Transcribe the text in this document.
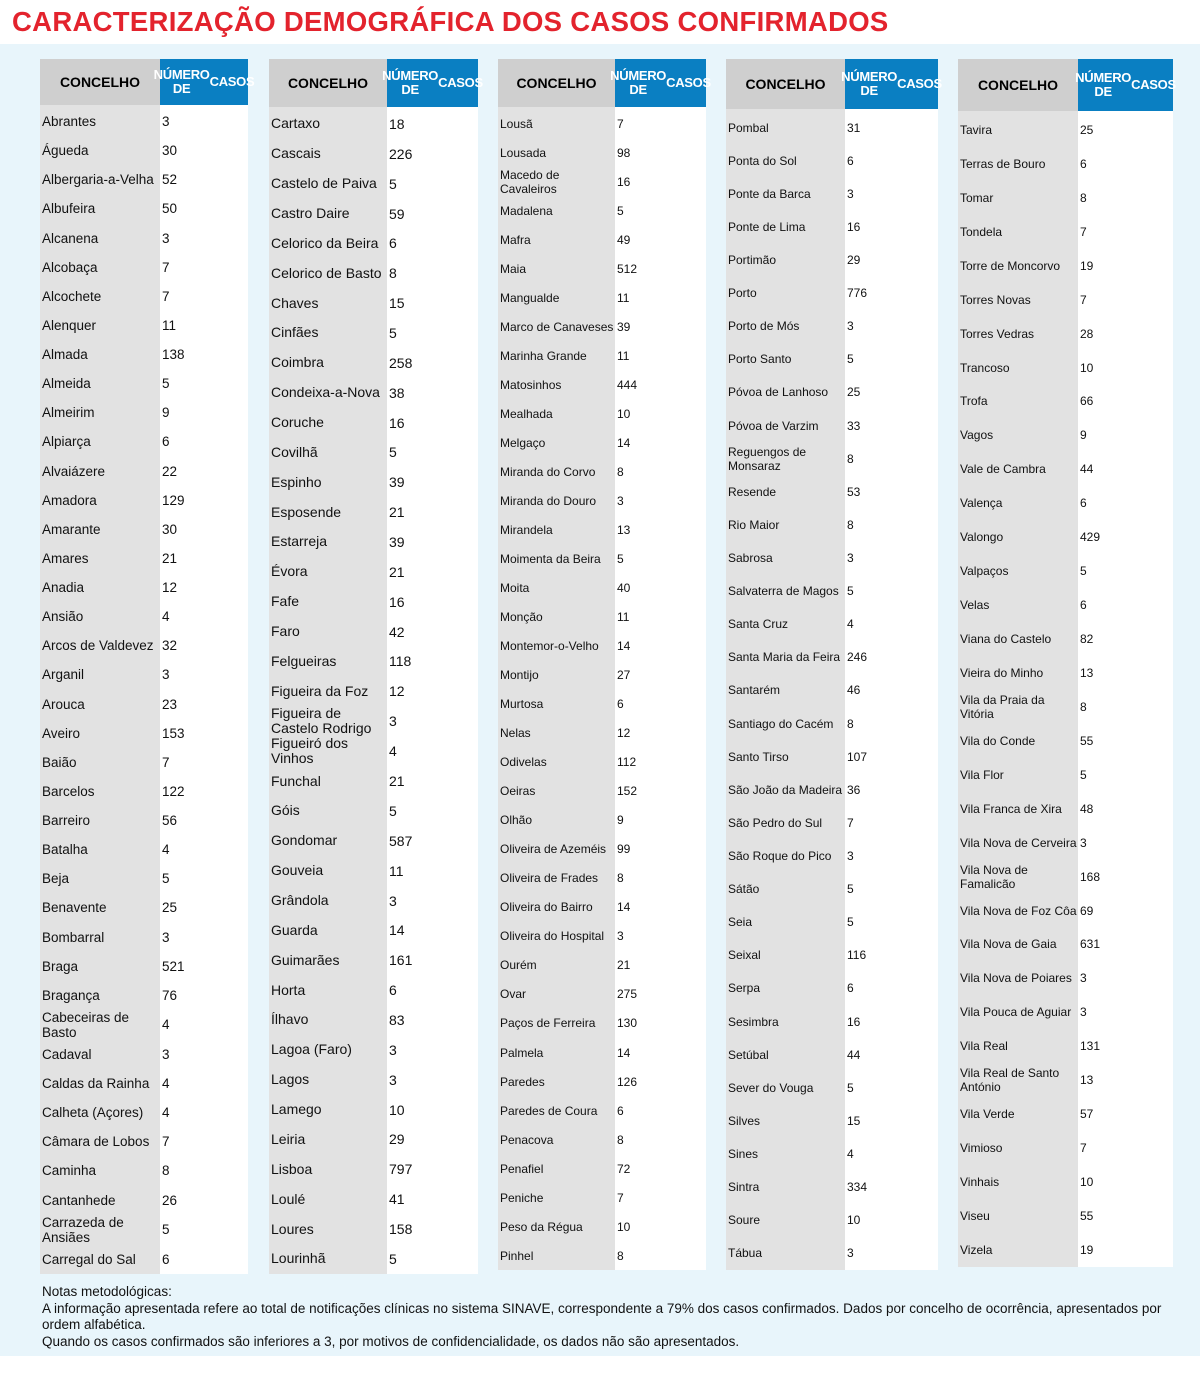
CARACTERIZAÇÃO DEMOGRÁFICA DOS CASOS CONFIRMADOS
CONCELHO	NÚMERO DE	CASOS
Abrantes	3
Águeda	30
Albergaria-a-Velha 52
Albufeira	50
Alcanena	3
Alcobaça	7
Alcochete	7
Alenquer	11
Almada	138
Almeida	5
Almeirim	9
Alpiarça	6
Alvaiázere	22
Amadora	129
Amarante	30
Amares	21
Anadia	12
Ansião	4
Arcos de Valdevez 32
Arganil	3
Arouca	23
Aveiro	153
Baião	7
Barcelos	122
Barreiro	56
Batalha	4
Beja	5
Benavente	25
Bombarral	3
Braga	521
Bragança	76
Cabeceiras de Basto	4
Cadaval	3
Caldas da Rainha 4
Calheta (Açores)	4
Câmara de Lobos 7
Caminha	8
Cantanhede	26
Carrazeda de Ansiães	5
Carregal do Sal	6
CONCELHO	NÚMERO DE	CASOS
Cartaxo	18
Cascais	226
Castelo de Paiva 5
Castro Daire	59
Celorico da Beira 6
Celorico de Basto 8
Chaves	15
Cinfães	5
Coimbra	258
Condeixa-a-Nova 38
Coruche	16
Covilhã	5
Espinho	39
Esposende	21
Estarreja	39
Évora	21
Fafe	16
Faro	42
Felgueiras	118
Figueira da Foz	12
Figueira de Castelo Rodrigo	3
Figueiró dos Vinhos	4
Funchal	21
Góis	5
Gondomar	587
Gouveia	11
Grândola	3
Guarda	14
Guimarães	161
Horta	6
Ílhavo	83
Lagoa (Faro)	3
Lagos	3
Lamego	10
Leiria	29
Lisboa	797
Loulé	41
Loures	158
Lourinhã	5
CONCELHO	NÚMERO DE	CASOS
Lousã	7
Lousada	98
Macedo de Cavaleiros	16
Madalena	5
Mafra	49
Maia	512
Mangualde	11
Marco de Canaveses 39
Marinha Grande	11
Matosinhos	444
Mealhada	10
Melgaço	14
Miranda do Corvo	8
Miranda do Douro	3
Mirandela	13
Moimenta da Beira	5
Moita	40
Monção	11
Montemor-o-Velho	14
Montijo	27
Murtosa	6
Nelas	12
Odivelas	112
Oeiras	152
Olhão	9
Oliveira de Azeméis 99
Oliveira de Frades	8
Oliveira do Bairro	14
Oliveira do Hospital	3
Ourém	21
Ovar	275
Paços de Ferreira	130
Palmela	14
Paredes	126
Paredes de Coura	6
Penacova	8
Penafiel	72
Peniche	7
Peso da Régua	10
Pinhel	8
CONCELHO	NÚMERO DE	CASOS
Pombal	31
Ponta do Sol	6
Ponte da Barca	3
Ponte de Lima	16
Portimão	29
Porto	776
Porto de Mós	3
Porto Santo	5
Póvoa de Lanhoso	25
Póvoa de Varzim	33
Reguengos de Monsaraz	8
Resende	53
Rio Maior	8
Sabrosa	3
Salvaterra de Magos 5
Santa Cruz	4
Santa Maria da Feira 246
Santarém	46
Santiago do Cacém	8
Santo Tirso	107
São João da Madeira 36
São Pedro do Sul	7
São Roque do Pico	3
Sátão	5
Seia	5
Seixal	116
Serpa	6
Sesimbra	16
Setúbal	44
Sever do Vouga	5
Silves	15
Sines	4
Sintra	334
Soure	10
Tábua	3
CONCELHO	NÚMERO DE	CASOS
Tavira	25
Terras de Bouro	6
Tomar	8
Tondela	7
Torre de Moncorvo	19
Torres Novas	7
Torres Vedras	28
Trancoso	10
Trofa	66
Vagos	9
Vale de Cambra	44
Valença	6
Valongo	429
Valpaços	5
Velas	6
Viana do Castelo	82
Vieira do Minho	13
Vila da Praia da Vitória	8
Vila do Conde	55
Vila Flor	5
Vila Franca de Xira	48
Vila Nova de Cerveira 3
Vila Nova de Famalicão	168
Vila Nova de Foz Côa 69
Vila Nova de Gaia	631
Vila Nova de Poiares 3
Vila Pouca de Aguiar 3
Vila Real	131
Vila Real de Santo António	13
Vila Verde	57
Vimioso	7
Vinhais	10
Viseu	55
Vizela	19
Notas metodológicas:
A informação apresentada refere ao total de notificações clínicas no sistema SINAVE, correspondente a 79% dos casos confirmados. Dados por concelho de ocorrência, apresentados por ordem alfabética.
Quando os casos confirmados são inferiores a 3, por motivos de confidencialidade, os dados não são apresentados.
